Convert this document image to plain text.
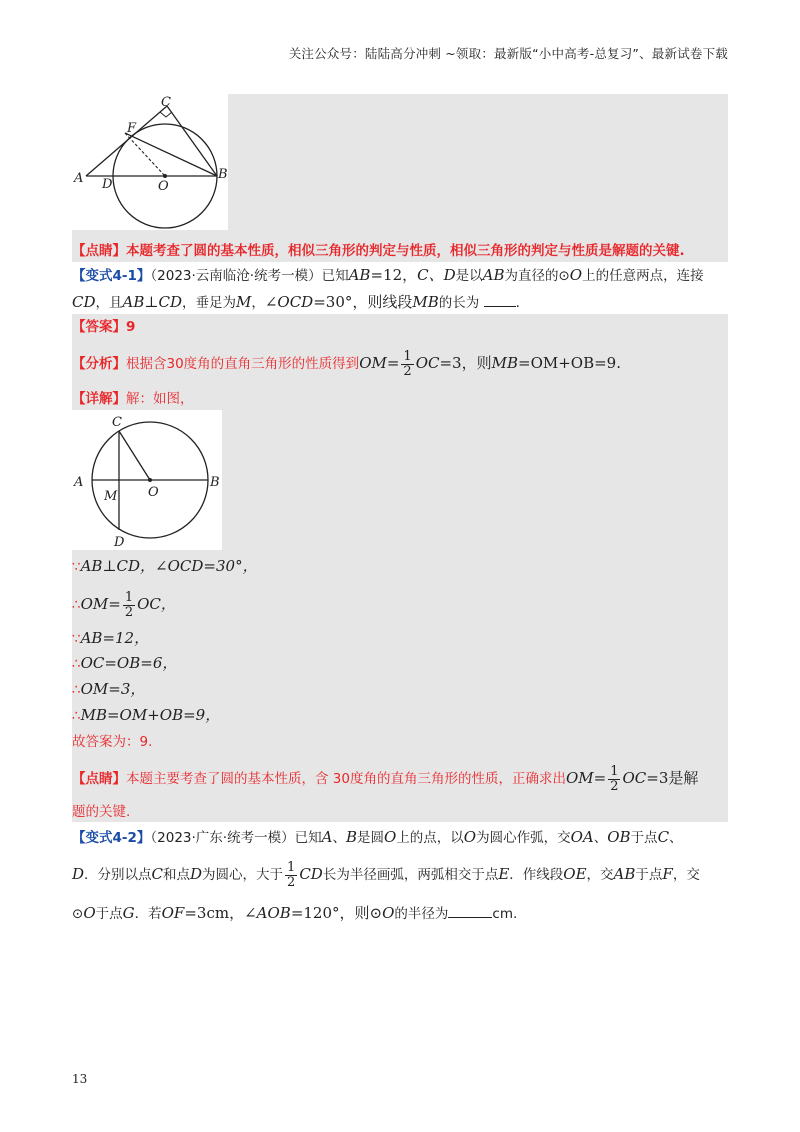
关注公众号：陆陆高分冲刺 ~领取：最新版“小中高考-总复习”、最新试卷下载
C
F
A D	O
B
【点睛】本题考查了圆的基本性质，相似三角形的判定与性质，相似三角形的判定与性质是解题的关键.
【变式4-1】（2023·云南临沧·统考一模）已知AB=12，C、D是以AB为直径的⊙O上的任意两点，连接
CD，且AB⊥CD，垂足为M，∠OCD=30°，则线段MB的长为	.
【答案】9
【分析】根据含30度角的直角三角形的性质得到$OM= \frac{1}{2} OC=3$，则MB=OM+OB=9.
【详解】解：如图，
C
A	B
M O
D
∵AB⊥CD，∠OCD=30°，
∴OM= $\frac{1}{2}$ OC，
∵AB=12，
∴OC=OB=6，
∴OM=3，
∴MB=OM+OB=9，
故答案为：9.
【点睛】本题主要考查了圆的基本性质，含 30度角的直角三角形的性质，正确求出$OM= \frac{1}{2} OC=3$是解
题的关键.
【变式4-2】（2023·广东·统考一模）已知A、B是圆O上的点，以O为圆心作弧，交OA、OB于点C、
D．分别以点C和点D为圆心，大于 $\frac{1}{2}$ CD长为半径画弧，两弧相交于点E．作线段OE，交AB于点F，交
⊙O于点G．若OF=3cm，∠AOB=120°，则⊙O的半径为	cm.
13
